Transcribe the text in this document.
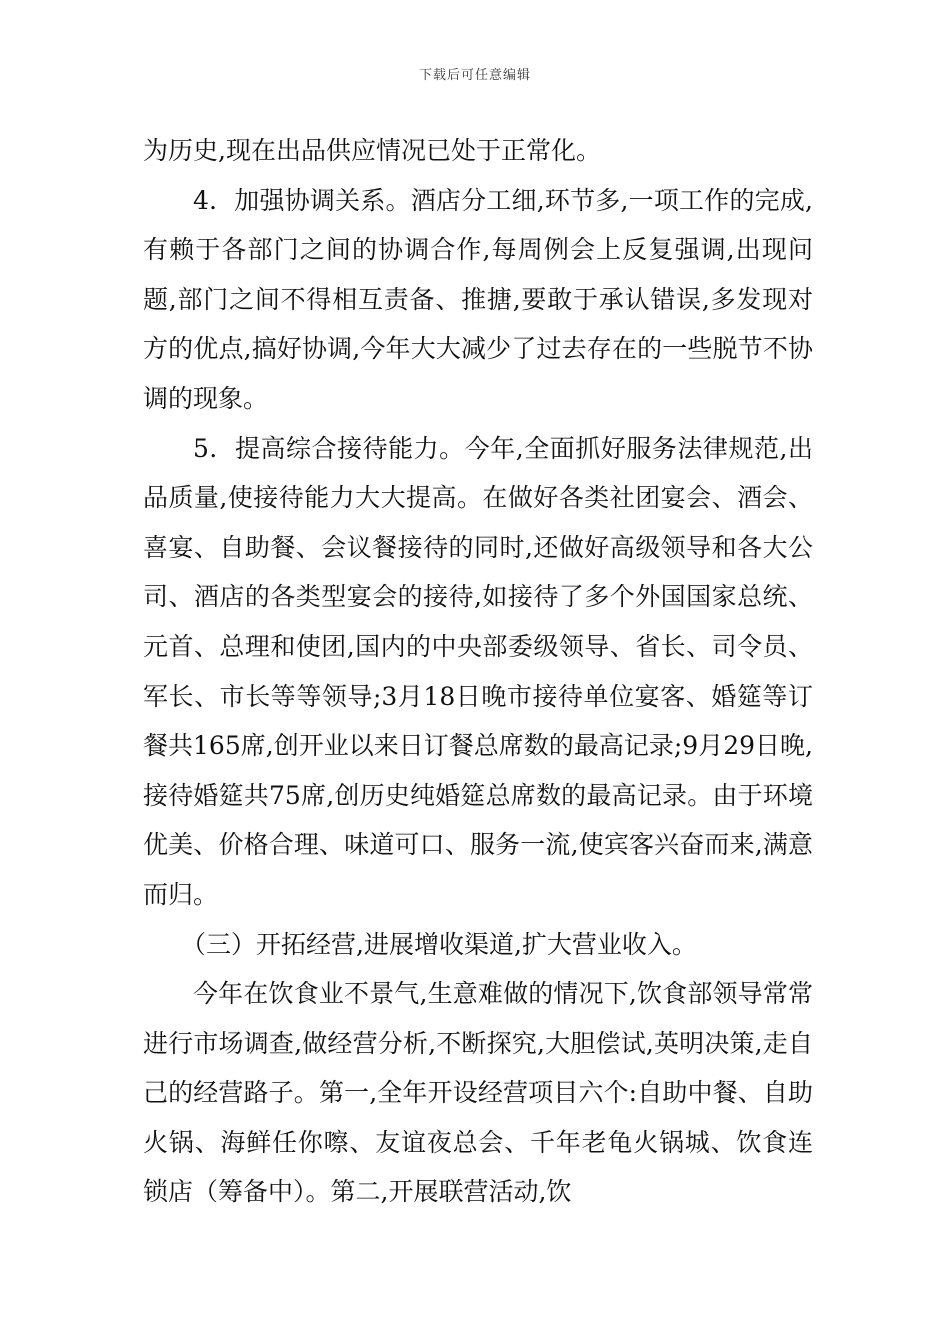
下载后可任意编辑

为历史,现在出品供应情况已处于正常化。

4．加强协调关系。酒店分工细,环节多,一项工作的完成,有赖于各部门之间的协调合作,每周例会上反复强调,出现问题,部门之间不得相互责备、推搪,要敢于承认错误,多发现对方的优点,搞好协调,今年大大减少了过去存在的一些脱节不协调的现象。

5．提高综合接待能力。今年,全面抓好服务法律规范,出品质量,使接待能力大大提高。在做好各类社团宴会、酒会、喜宴、自助餐、会议餐接待的同时,还做好高级领导和各大公司、酒店的各类型宴会的接待,如接待了多个外国国家总统、元首、总理和使团,国内的中央部委级领导、省长、司令员、军长、市长等等领导;3月18日晚市接待单位宴客、婚筵等订餐共165席,创开业以来日订餐总席数的最高记录;9月29日晚,接待婚筵共75席,创历史纯婚筵总席数的最高记录。由于环境优美、价格合理、味道可口、服务一流,使宾客兴奋而来,满意而归。

（三）开拓经营,进展增收渠道,扩大营业收入。

今年在饮食业不景气,生意难做的情况下,饮食部领导常常进行市场调查,做经营分析,不断探究,大胆偿试,英明决策,走自己的经营路子。第一,全年开设经营项目六个:自助中餐、自助火锅、海鲜任你嚓、友谊夜总会、千年老龟火锅城、饮食连锁店（筹备中）。第二,开展联营活动,饮
